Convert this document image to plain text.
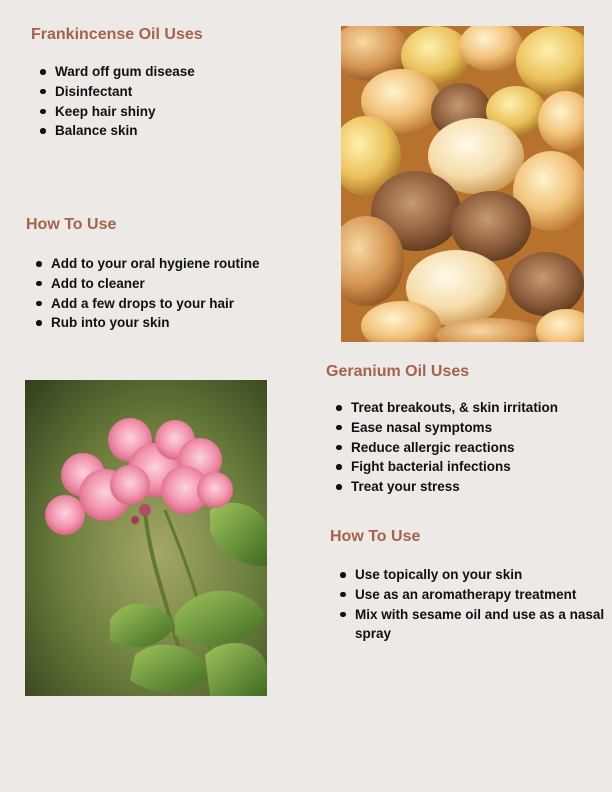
Frankincense Oil Uses
Ward off gum disease
Disinfectant
Keep hair shiny
Balance skin
How To Use
Add to your oral hygiene routine
Add to cleaner
Add a few drops to your hair
Rub into your skin
Geranium Oil Uses
Treat breakouts, & skin irritation
Ease nasal symptoms
Reduce allergic reactions
Fight bacterial infections
Treat your stress
How To Use
Use topically on your skin
Use as an aromatherapy treatment
Mix with sesame oil and use as a nasal spray
